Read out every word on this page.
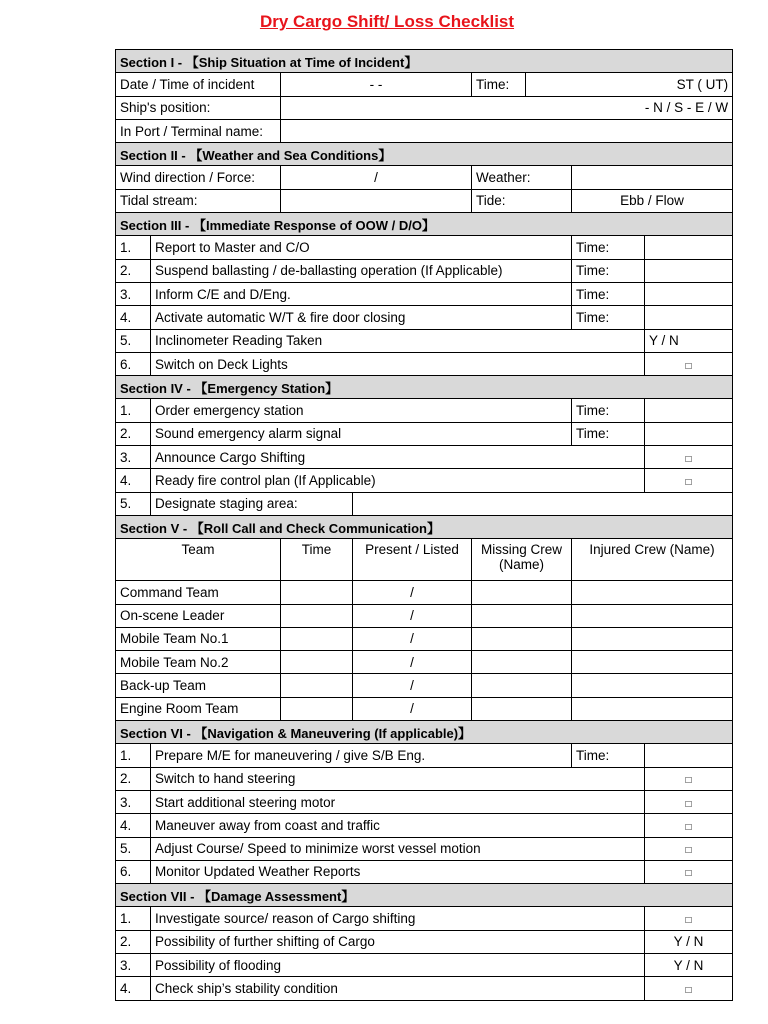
Dry Cargo Shift/ Loss Checklist
Section I - 【Ship Situation at Time of Incident】							
Date / Time of incident		- -		Time:	ST ( UT)		
Ship's position:		- N / S - E / W					
In Port / Terminal name:							
Section II - 【Weather and Sea Conditions】							
Wind direction / Force:		/		Weather:			
Tidal stream:				Tide:		Ebb / Flow	
Section III - 【Immediate Response of OOW / D/O】							
1.	Report to Master and C/O					Time:	
2.	Suspend ballasting / de-ballasting operation (If Applicable)					Time:	
3.	Inform C/E and D/Eng.					Time:	
4.	Activate automatic W/T & fire door closing					Time:	
5.	Inclinometer Reading Taken						Y / N
6.	Switch on Deck Lights						□
Section IV - 【Emergency Station】							
1.	Order emergency station					Time:	
2.	Sound emergency alarm signal					Time:	
3.	Announce Cargo Shifting						□
4.	Ready fire control plan (If Applicable)						□
5.	Designate staging area:						
Section V - 【Roll Call and Check Communication】							
Team		Time	Present / Listed	Missing Crew (Name)		Injured Crew (Name)	
Command Team			/				
On-scene Leader			/				
Mobile Team No.1			/				
Mobile Team No.2			/				
Back-up Team			/				
Engine Room Team			/				
Section VI - 【Navigation & Maneuvering (If applicable)】							
1.	Prepare M/E for maneuvering / give S/B Eng.					Time:	
2.	Switch to hand steering						□
3.	Start additional steering motor						□
4.	Maneuver away from coast and traffic						□
5.	Adjust Course/ Speed to minimize worst vessel motion						□
6.	Monitor Updated Weather Reports						□
Section VII - 【Damage Assessment】							
1.	Investigate source/ reason of Cargo shifting						□
2.	Possibility of further shifting of Cargo						Y / N
3.	Possibility of flooding						Y / N
4.	Check ship’s stability condition						□
